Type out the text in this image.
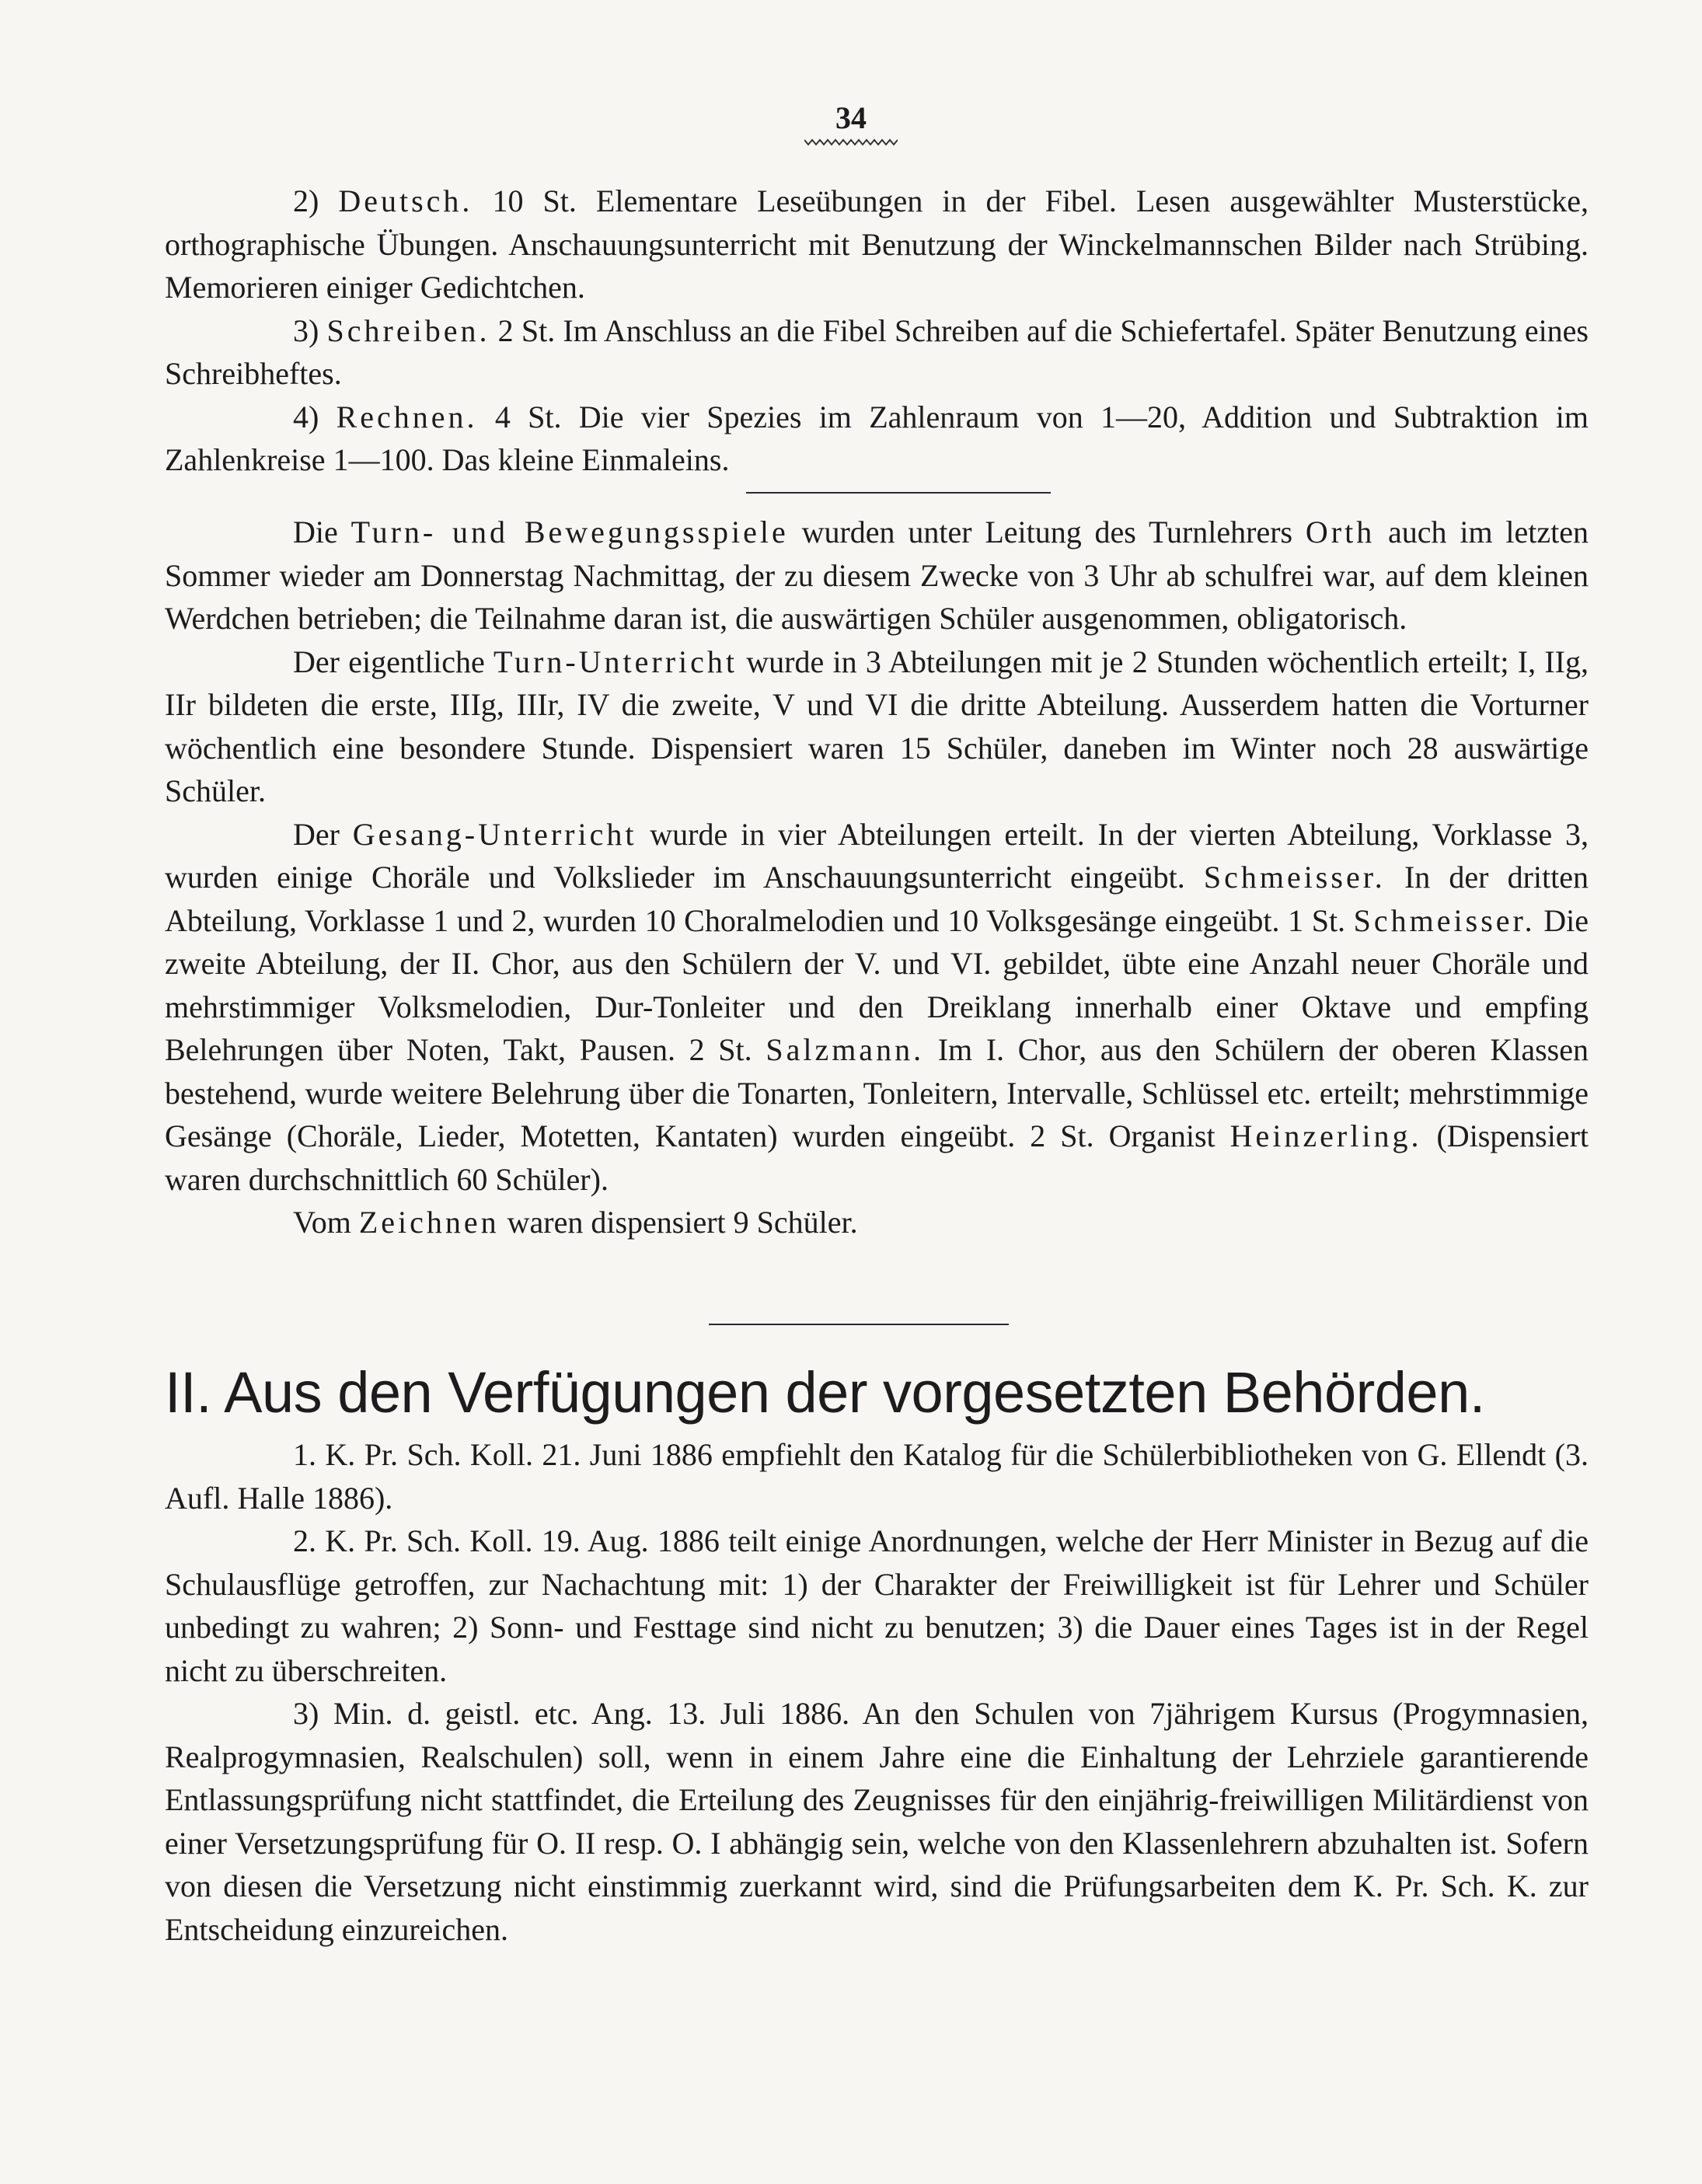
34

2) Deutsch. 10 St. Elementare Leseübungen in der Fibel. Lesen ausgewählter Musterstücke, orthographische Übungen. Anschauungsunterricht mit Benutzung der Winckelmannschen Bilder nach Strübing. Memorieren einiger Gedichtchen.

3) Schreiben. 2 St. Im Anschluss an die Fibel Schreiben auf die Schiefertafel. Später Benutzung eines Schreibheftes.

4) Rechnen. 4 St. Die vier Spezies im Zahlenraum von 1—20, Addition und Subtraktion im Zahlenkreise 1—100. Das kleine Einmaleins.

Die Turn- und Bewegungsspiele wurden unter Leitung des Turnlehrers Orth auch im letzten Sommer wieder am Donnerstag Nachmittag, der zu diesem Zwecke von 3 Uhr ab schulfrei war, auf dem kleinen Werdchen betrieben; die Teilnahme daran ist, die auswärtigen Schüler ausgenommen, obligatorisch.

Der eigentliche Turn-Unterricht wurde in 3 Abteilungen mit je 2 Stunden wöchentlich erteilt; I, IIg, IIr bildeten die erste, IIIg, IIIr, IV die zweite, V und VI die dritte Abteilung. Ausserdem hatten die Vorturner wöchentlich eine besondere Stunde. Dispensiert waren 15 Schüler, daneben im Winter noch 28 auswärtige Schüler.

Der Gesang-Unterricht wurde in vier Abteilungen erteilt. In der vierten Abteilung, Vorklasse 3, wurden einige Choräle und Volkslieder im Anschauungsunterricht eingeübt. Schmeisser. In der dritten Abteilung, Vorklasse 1 und 2, wurden 10 Choralmelodien und 10 Volksgesänge eingeübt. 1 St. Schmeisser. Die zweite Abteilung, der II. Chor, aus den Schülern der V. und VI. gebildet, übte eine Anzahl neuer Choräle und mehrstimmiger Volksmelodien, Dur-Tonleiter und den Dreiklang innerhalb einer Oktave und empfing Belehrungen über Noten, Takt, Pausen. 2 St. Salzmann. Im I. Chor, aus den Schülern der oberen Klassen bestehend, wurde weitere Belehrung über die Tonarten, Tonleitern, Intervalle, Schlüssel etc. erteilt; mehrstimmige Gesänge (Choräle, Lieder, Motetten, Kantaten) wurden eingeübt. 2 St. Organist Heinzerling. (Dispensiert waren durchschnittlich 60 Schüler).

Vom Zeichnen waren dispensiert 9 Schüler.

II. Aus den Verfügungen der vorgesetzten Behörden.

1. K. Pr. Sch. Koll. 21. Juni 1886 empfiehlt den Katalog für die Schülerbibliotheken von G. Ellendt (3. Aufl. Halle 1886).

2. K. Pr. Sch. Koll. 19. Aug. 1886 teilt einige Anordnungen, welche der Herr Minister in Bezug auf die Schulausflüge getroffen, zur Nachachtung mit: 1) der Charakter der Freiwilligkeit ist für Lehrer und Schüler unbedingt zu wahren; 2) Sonn- und Festtage sind nicht zu benutzen; 3) die Dauer eines Tages ist in der Regel nicht zu überschreiten.

3) Min. d. geistl. etc. Ang. 13. Juli 1886. An den Schulen von 7jährigem Kursus (Progymnasien, Realprogymnasien, Realschulen) soll, wenn in einem Jahre eine die Einhaltung der Lehrziele garantierende Entlassungsprüfung nicht stattfindet, die Erteilung des Zeugnisses für den einjährig-freiwilligen Militärdienst von einer Versetzungsprüfung für O. II resp. O. I abhängig sein, welche von den Klassenlehrern abzuhalten ist. Sofern von diesen die Versetzung nicht einstimmig zuerkannt wird, sind die Prüfungsarbeiten dem K. Pr. Sch. K. zur Entscheidung einzureichen.
